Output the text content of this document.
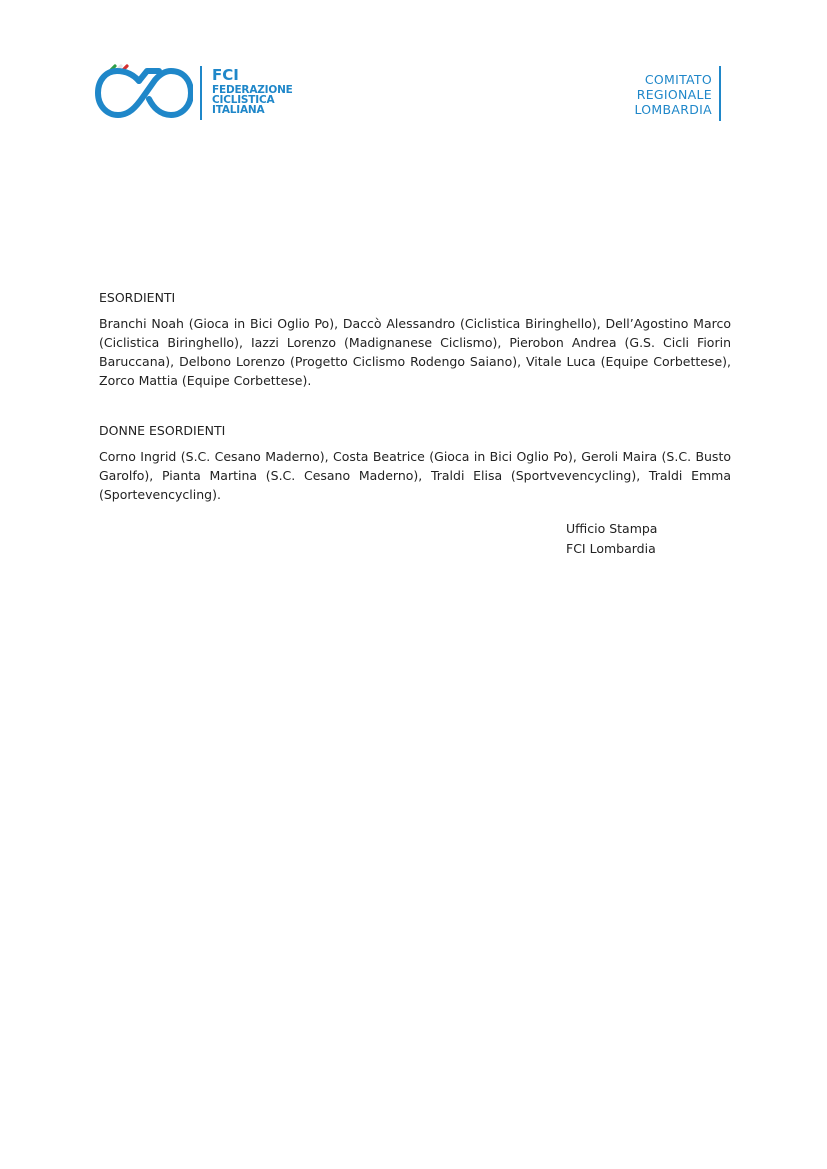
FCI
FEDERAZIONE
CICLISTICA
ITALIANA
COMITATO
REGIONALE
LOMBARDIA

ESORDIENTI

Branchi Noah (Gioca in Bici Oglio Po), Daccò Alessandro (Ciclistica Biringhello), Dell’Agostino Marco (Ciclistica Biringhello), Iazzi Lorenzo (Madignanese Ciclismo), Pierobon Andrea (G.S. Cicli Fiorin Baruccana), Delbono Lorenzo (Progetto Ciclismo Rodengo Saiano), Vitale Luca (Equipe Corbettese), Zorco Mattia (Equipe Corbettese).

DONNE ESORDIENTI

Corno Ingrid (S.C. Cesano Maderno), Costa Beatrice (Gioca in Bici Oglio Po), Geroli Maira (S.C. Busto Garolfo), Pianta Martina (S.C. Cesano Maderno), Traldi Elisa (Sportvevencycling), Traldi Emma (Sportevencycling).

Ufficio Stampa
FCI Lombardia
